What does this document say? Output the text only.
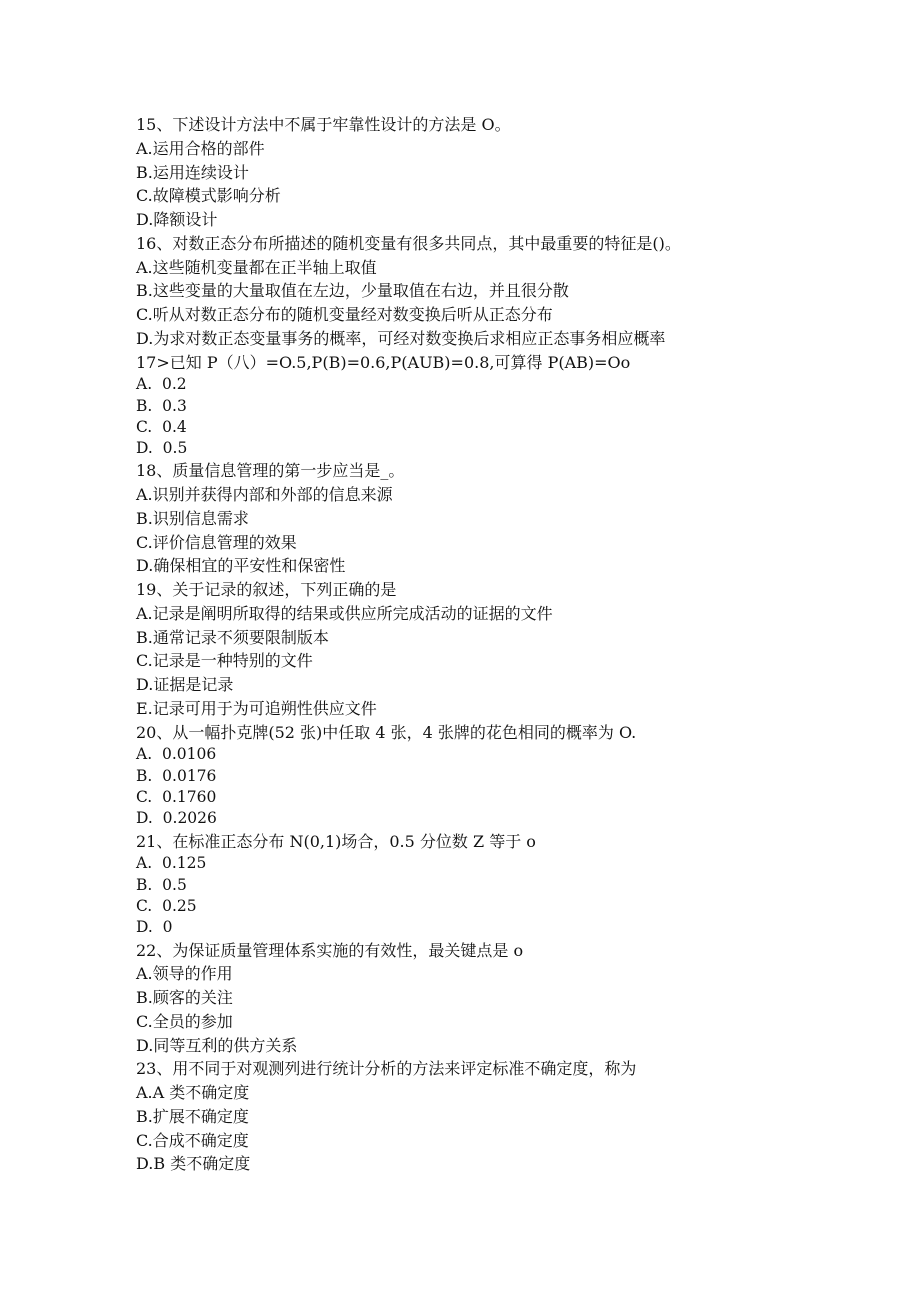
15、下述设计方法中不属于牢靠性设计的方法是 O。
A.运用合格的部件
B.运用连续设计
C.故障模式影响分析
D.降额设计
16、对数正态分布所描述的随机变量有很多共同点，其中最重要的特征是()。
A.这些随机变量都在正半轴上取值
B.这些变量的大量取值在左边，少量取值在右边，并且很分散
C.听从对数正态分布的随机变量经对数变换后听从正态分布
D.为求对数正态变量事务的概率，可经对数变换后求相应正态事务相应概率
17>已知 P（八）=O.5,P(B)=0.6,P(AUB)=0.8,可算得 P(AB)=Oo
A.  0.2
B.  0.3
C.  0.4
D.  0.5
18、质量信息管理的第一步应当是_。
A.识别并获得内部和外部的信息来源
B.识别信息需求
C.评价信息管理的效果
D.确保相宜的平安性和保密性
19、关于记录的叙述，下列正确的是
A.记录是阐明所取得的结果或供应所完成活动的证据的文件
B.通常记录不须要限制版本
C.记录是一种特别的文件
D.证据是记录
E.记录可用于为可追朔性供应文件
20、从一幅扑克牌(52 张)中任取 4 张，4 张牌的花色相同的概率为 O.
A.  0.0106
B.  0.0176
C.  0.1760
D.  0.2026
21、在标准正态分布 N(0,1)场合，0.5 分位数 Z 等于 o
A.  0.125
B.  0.5
C.  0.25
D.  0
22、为保证质量管理体系实施的有效性，最关键点是 o
A.领导的作用
B.顾客的关注
C.全员的参加
D.同等互利的供方关系
23、用不同于对观测列进行统计分析的方法来评定标准不确定度，称为
A.A 类不确定度
B.扩展不确定度
C.合成不确定度
D.B 类不确定度
